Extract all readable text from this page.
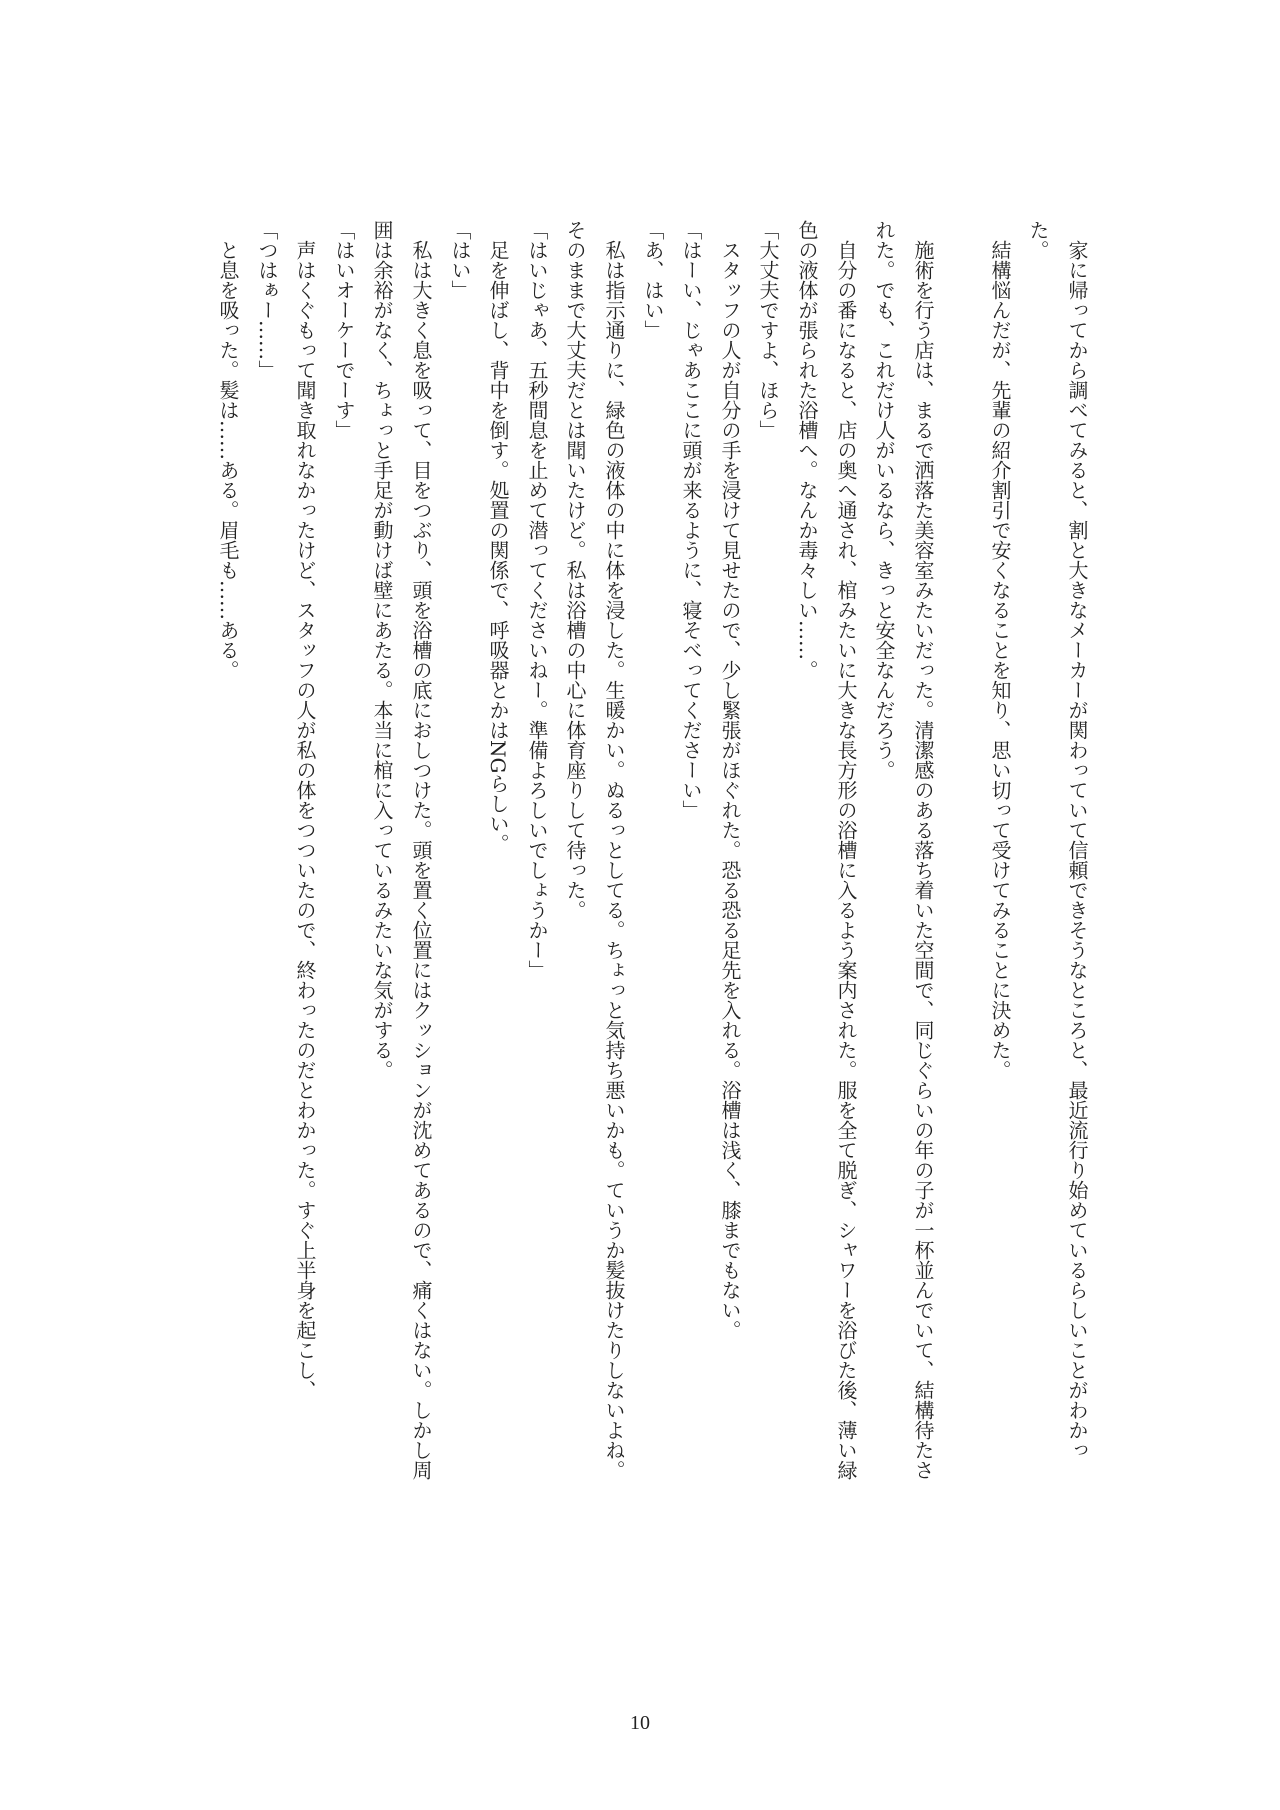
家に帰ってから調べてみると、割と大きなメーカーが関わっていて信頼できそうなところと、最近流行り始めているらしいことがわかっ
た。
結構悩んだが、先輩の紹介割引で安くなることを知り、思い切って受けてみることに決めた。
施術を行う店は、まるで洒落た美容室みたいだった。清潔感のある落ち着いた空間で、同じぐらいの年の子が一杯並んでいて、結構待たさ
れた。でも、これだけ人がいるなら、きっと安全なんだろう。
自分の番になると、店の奥へ通され、棺みたいに大きな長方形の浴槽に入るよう案内された。服を全て脱ぎ、シャワーを浴びた後、薄い緑
色の液体が張られた浴槽へ。なんか毒々しい……。
「大丈夫ですよ、ほら」
スタッフの人が自分の手を浸けて見せたので、少し緊張がほぐれた。恐る恐る足先を入れる。浴槽は浅く、膝までもない。
「はーい、じゃあここに頭が来るように、寝そべってくださーい」
「あ、はい」
私は指示通りに、緑色の液体の中に体を浸した。生暖かい。ぬるっとしてる。ちょっと気持ち悪いかも。ていうか髪抜けたりしないよね。
そのままで大丈夫だとは聞いたけど。私は浴槽の中心に体育座りして待った。
「はいじゃあ、五秒間息を止めて潜ってくださいねー。準備よろしいでしょうかー」
足を伸ばし、背中を倒す。処置の関係で、呼吸器とかはNGらしい。
「はい」
私は大きく息を吸って、目をつぶり、頭を浴槽の底におしつけた。頭を置く位置にはクッションが沈めてあるので、痛くはない。しかし周
囲は余裕がなく、ちょっと手足が動けば壁にあたる。本当に棺に入っているみたいな気がする。
「はいオーケーでーす」
声はくぐもって聞き取れなかったけど、スタッフの人が私の体をつついたので、終わったのだとわかった。すぐ上半身を起こし、
「つはぁー……」
と息を吸った。髪は……ある。眉毛も……ある。
10
